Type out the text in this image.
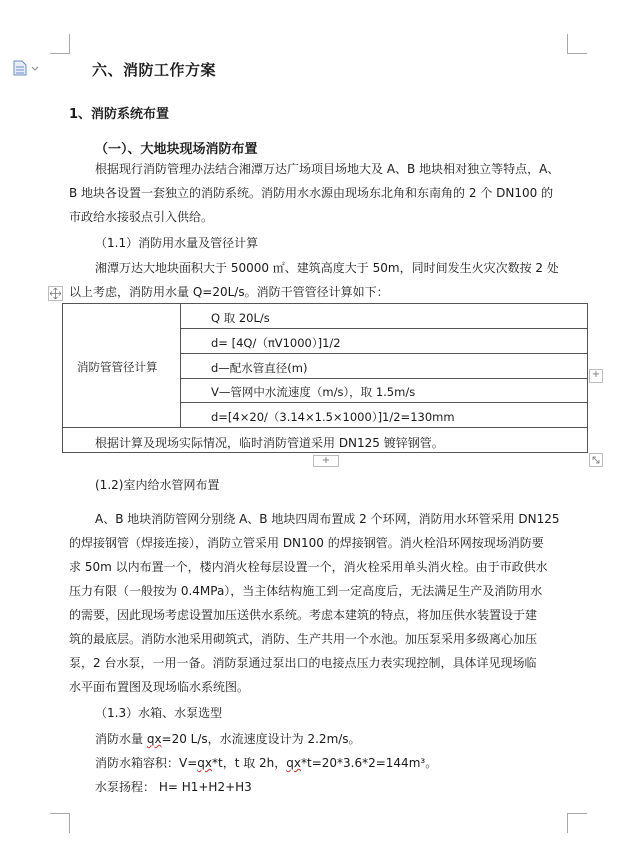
六、消防工作方案
1、消防系统布置
（一）、大地块现场消防布置
根据现行消防管理办法结合湘潭万达广场项目场地大及 A、B 地块相对独立等特点，A、
B 地块各设置一套独立的消防系统。消防用水水源由现场东北角和东南角的 2 个 DN100 的
市政给水接驳点引入供给。
（1.1）消防用水量及管径计算
湘潭万达大地块面积大于 50000 ㎡、建筑高度大于 50m，同时间发生火灾次数按 2 处
以上考虑，消防用水量 Q=20L/s。消防干管管径计算如下：
消防管管径计算
Q 取 20L/s
d= [4Q/（πV1000）]1/2
d—配水管直径(m)
V—管网中水流速度（m/s），取 1.5m/s
d=[4×20/（3.14×1.5×1000）]1/2=130mm
根据计算及现场实际情况，临时消防管道采用 DN125 镀锌钢管。
+
+
(1.2)室内给水管网布置
A、B 地块消防管网分别绕 A、B 地块四周布置成 2 个环网，消防用水环管采用 DN125
的焊接钢管（焊接连接），消防立管采用 DN100 的焊接钢管。消火栓沿环网按现场消防要
求 50m 以内布置一个，楼内消火栓每层设置一个，消火栓采用单头消火栓。由于市政供水
压力有限（一般按为 0.4MPa），当主体结构施工到一定高度后，无法满足生产及消防用水
的需要，因此现场考虑设置加压送供水系统。考虑本建筑的特点，将加压供水装置设于建
筑的最底层。消防水池采用砌筑式，消防、生产共用一个水池。加压泵采用多级离心加压
泵，2 台水泵，一用一备。消防泵通过泵出口的电接点压力表实现控制，具体详见现场临
水平面布置图及现场临水系统图。
（1.3）水箱、水泵选型
消防水量 qx=20 L/s，水流速度设计为 2.2m/s。
消防水箱容积：V=qx*t，t 取 2h，qx*t=20*3.6*2=144m³。
水泵扬程： H= H1+H2+H3
